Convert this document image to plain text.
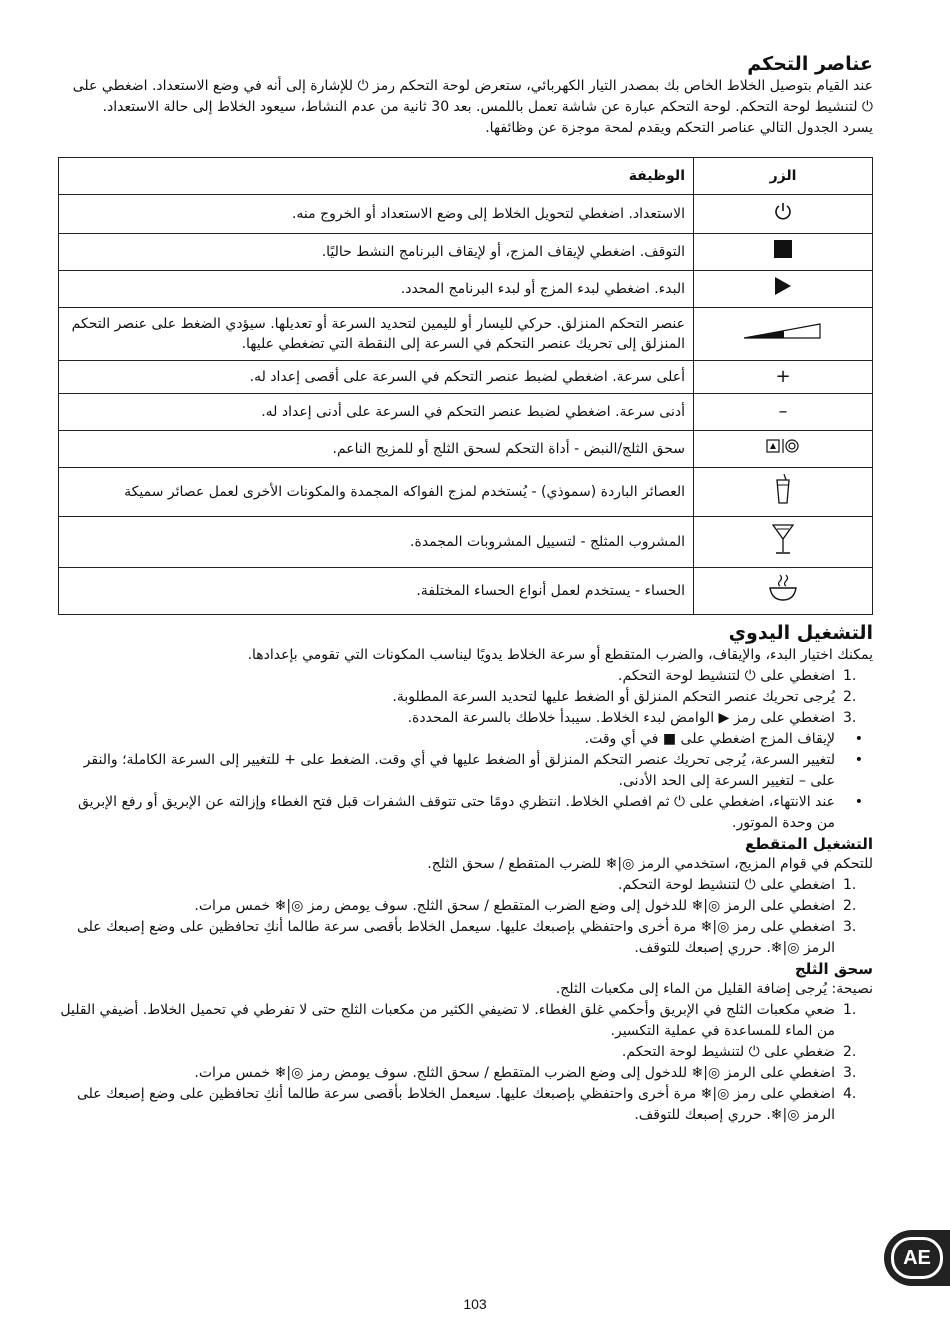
عناصر التحكم

عند القيام بتوصيل الخلاط الخاص بك بمصدر التيار الكهربائي، ستعرض لوحة التحكم رمز ⏻ للإشارة إلى أنه في وضع الاستعداد. اضغطي على ⏻ لتنشيط لوحة التحكم. لوحة التحكم عبارة عن شاشة تعمل باللمس. بعد 30 ثانية من عدم النشاط، سيعود الخلاط إلى حالة الاستعداد.

يسرد الجدول التالي عناصر التحكم ويقدم لمحة موجزة عن وظائفها.

الزر	الوظيفة
	الاستعداد. اضغطي لتحويل الخلاط إلى وضع الاستعداد أو الخروج منه.
	التوقف. اضغطي لإيقاف المزج، أو لإيقاف البرنامج النشط حاليًا.
	البدء. اضغطي لبدء المزج أو لبدء البرنامج المحدد.
	عنصر التحكم المنزلق. حركي لليسار أو لليمين لتحديد السرعة أو تعديلها. سيؤدي الضغط على عنصر التحكم المنزلق إلى تحريك عنصر التحكم في السرعة إلى النقطة التي تضغطي عليها.
+	أعلى سرعة. اضغطي لضبط عنصر التحكم في السرعة على أقصى إعداد له.
–	أدنى سرعة. اضغطي لضبط عنصر التحكم في السرعة على أدنى إعداد له.
	سحق الثلج/النبض - أداة التحكم لسحق الثلج أو للمزيج الناعم.
	العصائر الباردة (سموذي) - يُستخدم لمزج الفواكه المجمدة والمكونات الأخرى لعمل عصائر سميكة
	المشروب المثلج - لتسييل المشروبات المجمدة.
	الحساء - يستخدم لعمل أنواع الحساء المختلفة.
التشغيل اليدوي

يمكنك اختيار البدء، والإيقاف، والضرب المتقطع أو سرعة الخلاط يدويًا ليناسب المكونات التي تقومي بإعدادها.

1.
اضغطي على ⏻ لتنشيط لوحة التحكم.
2.
يُرجى تحريك عنصر التحكم المنزلق أو الضغط عليها لتحديد السرعة المطلوبة.
3.
اضغطي على رمز ▶ الوامض لبدء الخلاط. سيبدأ خلاطك بالسرعة المحددة.
•
لإيقاف المزج اضغطي على ■ في أي وقت.
•
لتغيير السرعة، يُرجى تحريك عنصر التحكم المنزلق أو الضغط عليها في أي وقت. الضغط على + للتغيير إلى السرعة الكاملة؛ والنقر على – لتغيير السرعة إلى الحد الأدنى.
•
عند الانتهاء، اضغطي على ⏻ ثم افصلي الخلاط. انتظري دومًا حتى تتوقف الشفرات قبل فتح الغطاء وإزالته عن الإبريق أو رفع الإبريق من وحدة الموتور.
التشغيل المتقطع

للتحكم في قوام المزيج، استخدمي الرمز ◎|❄ للضرب المتقطع / سحق الثلج.

1.
اضغطي على ⏻ لتنشيط لوحة التحكم.
2.
اضغطي على الرمز ◎|❄ للدخول إلى وضع الضرب المتقطع / سحق الثلج. سوف يومض رمز ◎|❄ خمس مرات.
3.
اضغطي على رمز ◎|❄ مرة أخرى واحتفظي بإصبعك عليها. سيعمل الخلاط بأقصى سرعة طالما أنكِ تحافظين على وضع إصبعك على الرمز ◎|❄. حرري إصبعك للتوقف.
سحق الثلج

نصيحة: يُرجى إضافة القليل من الماء إلى مكعبات الثلج.

1.
ضعي مكعبات الثلج في الإبريق وأحكمي غلق الغطاء. لا تضيفي الكثير من مكعبات الثلج حتى لا تفرطي في تحميل الخلاط. أضيفي القليل من الماء للمساعدة في عملية التكسير.
2.
ضغطي على ⏻ لتنشيط لوحة التحكم.
3.
اضغطي على الرمز ◎|❄ للدخول إلى وضع الضرب المتقطع / سحق الثلج. سوف يومض رمز ◎|❄ خمس مرات.
4.
اضغطي على رمز ◎|❄ مرة أخرى واحتفظي بإصبعك عليها. سيعمل الخلاط بأقصى سرعة طالما أنكِ تحافظين على وضع إصبعك على الرمز ◎|❄. حرري إصبعك للتوقف.
AE
103
